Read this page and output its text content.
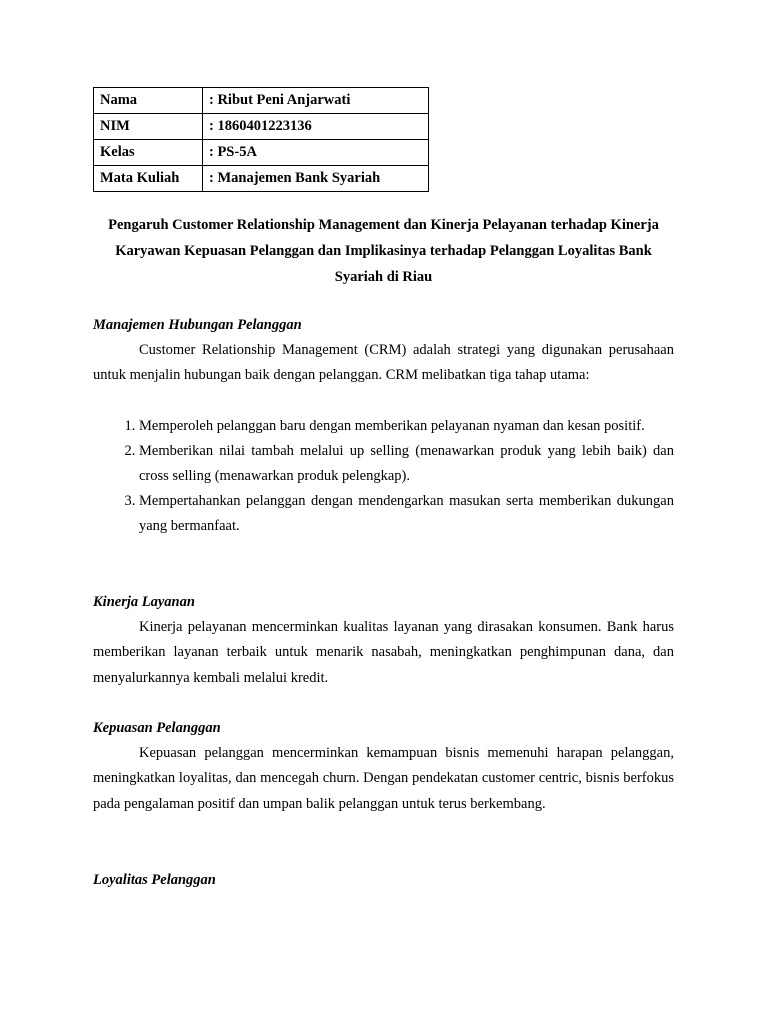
Nama	: Ribut Peni Anjarwati
NIM	: 1860401223136
Kelas	: PS-5A
Mata Kuliah	: Manajemen Bank Syariah
Pengaruh Customer Relationship Management dan Kinerja Pelayanan terhadap Kinerja Karyawan Kepuasan Pelanggan dan Implikasinya terhadap Pelanggan Loyalitas Bank Syariah di Riau
Manajemen Hubungan Pelanggan

Customer Relationship Management (CRM) adalah strategi yang digunakan perusahaan untuk menjalin hubungan baik dengan pelanggan. CRM melibatkan tiga tahap utama:

1. Memperoleh pelanggan baru dengan memberikan pelayanan nyaman dan kesan positif.
2. Memberikan nilai tambah melalui up selling (menawarkan produk yang lebih baik) dan cross selling (menawarkan produk pelengkap).
3. Mempertahankan pelanggan dengan mendengarkan masukan serta memberikan dukungan yang bermanfaat.
Kinerja Layanan

Kinerja pelayanan mencerminkan kualitas layanan yang dirasakan konsumen. Bank harus memberikan layanan terbaik untuk menarik nasabah, meningkatkan penghimpunan dana, dan menyalurkannya kembali melalui kredit.

Kepuasan Pelanggan

Kepuasan pelanggan mencerminkan kemampuan bisnis memenuhi harapan pelanggan, meningkatkan loyalitas, dan mencegah churn. Dengan pendekatan customer centric, bisnis berfokus pada pengalaman positif dan umpan balik pelanggan untuk terus berkembang.

Loyalitas Pelanggan
